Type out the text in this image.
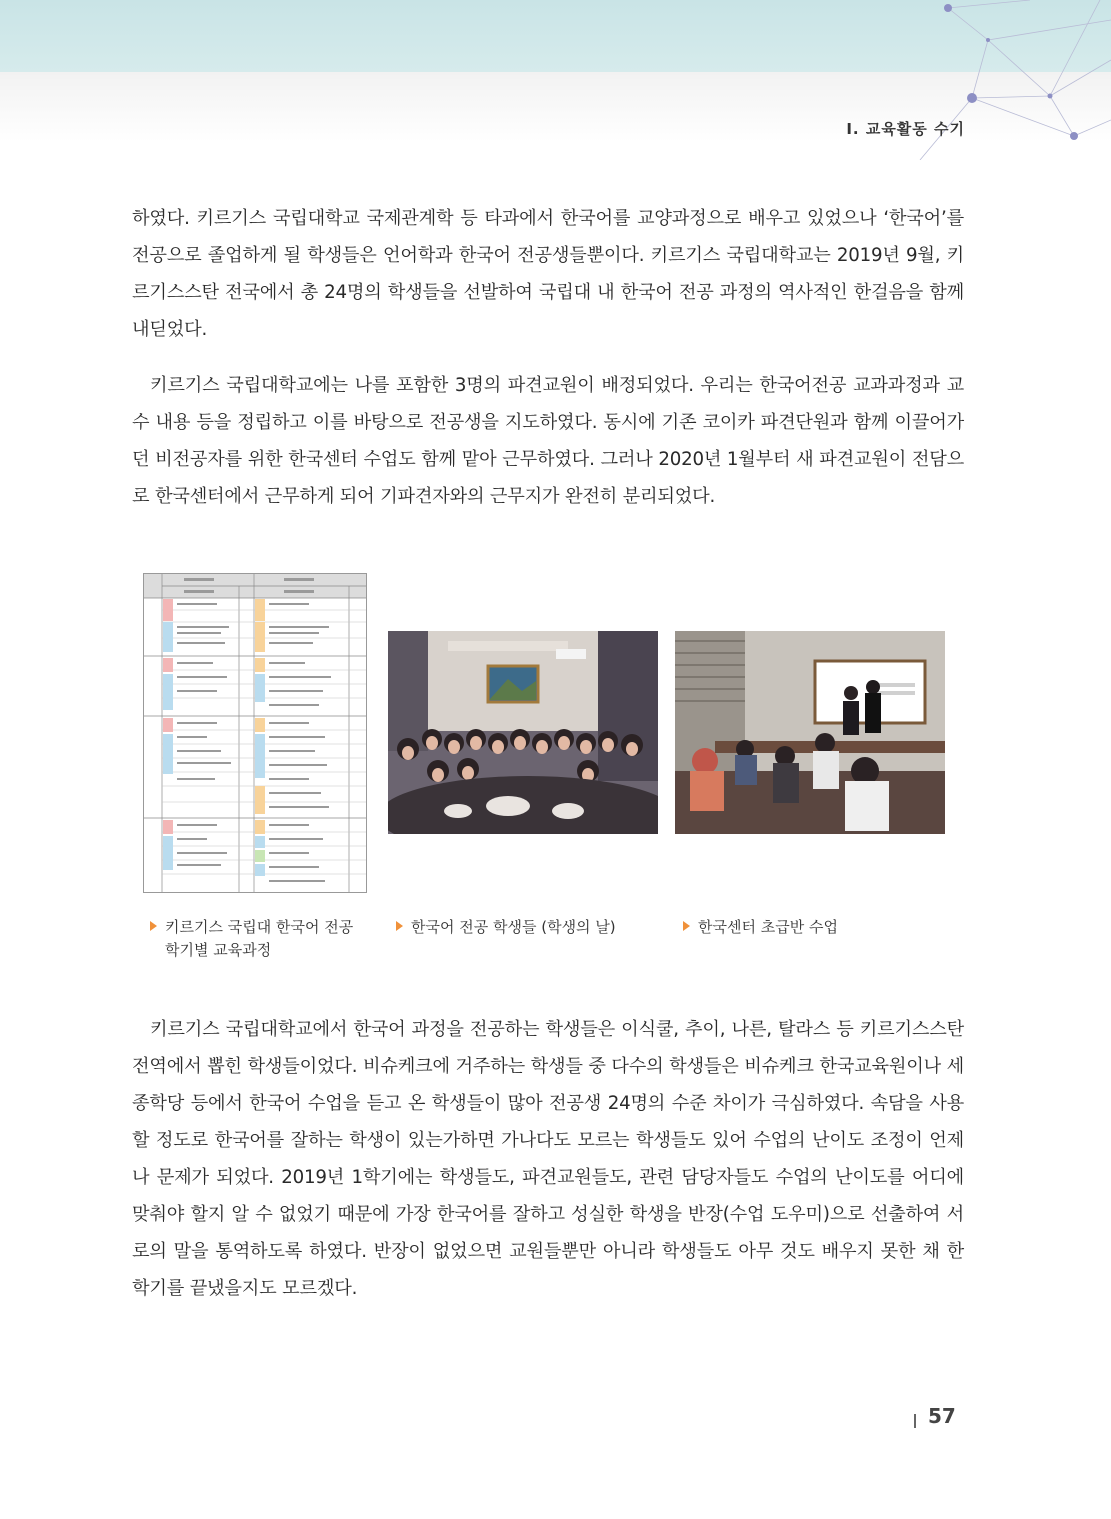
Ⅰ. 교육활동 수기

하였다. 키르기스 국립대학교 국제관계학 등 타과에서 한국어를 교양과정으로 배우고 있었으나 ‘한국어’를 전공으로 졸업하게 될 학생들은 언어학과 한국어 전공생들뿐이다. 키르기스 국립대학교는 2019년 9월, 키르기스스탄 전국에서 총 24명의 학생들을 선발하여 국립대 내 한국어 전공 과정의 역사적인 한걸음을 함께 내딛었다.

키르기스 국립대학교에는 나를 포함한 3명의 파견교원이 배정되었다. 우리는 한국어전공 교과과정과 교수 내용 등을 정립하고 이를 바탕으로 전공생을 지도하였다. 동시에 기존 코이카 파견단원과 함께 이끌어가던 비전공자를 위한 한국센터 수업도 함께 맡아 근무하였다. 그러나 2020년 1월부터 새 파견교원이 전담으로 한국센터에서 근무하게 되어 기파견자와의 근무지가 완전히 분리되었다.

키르기스 국립대 한국어 전공
학기별 교육과정
한국어 전공 학생들 (학생의 날)	한국센터 초급반 수업

키르기스 국립대학교에서 한국어 과정을 전공하는 학생들은 이식쿨, 추이, 나른, 탈라스 등 키르기스스탄 전역에서 뽑힌 학생들이었다. 비슈케크에 거주하는 학생들 중 다수의 학생들은 비슈케크 한국교육원이나 세종학당 등에서 한국어 수업을 듣고 온 학생들이 많아 전공생 24명의 수준 차이가 극심하였다. 속담을 사용할 정도로 한국어를 잘하는 학생이 있는가하면 가나다도 모르는 학생들도 있어 수업의 난이도 조정이 언제나 문제가 되었다. 2019년 1학기에는 학생들도, 파견교원들도, 관련 담당자들도 수업의 난이도를 어디에 맞춰야 할지 알 수 없었기 때문에 가장 한국어를 잘하고 성실한 학생을 반장(수업 도우미)으로 선출하여 서로의 말을 통역하도록 하였다. 반장이 없었으면 교원들뿐만 아니라 학생들도 아무 것도 배우지 못한 채 한 학기를 끝냈을지도 모르겠다.

57
